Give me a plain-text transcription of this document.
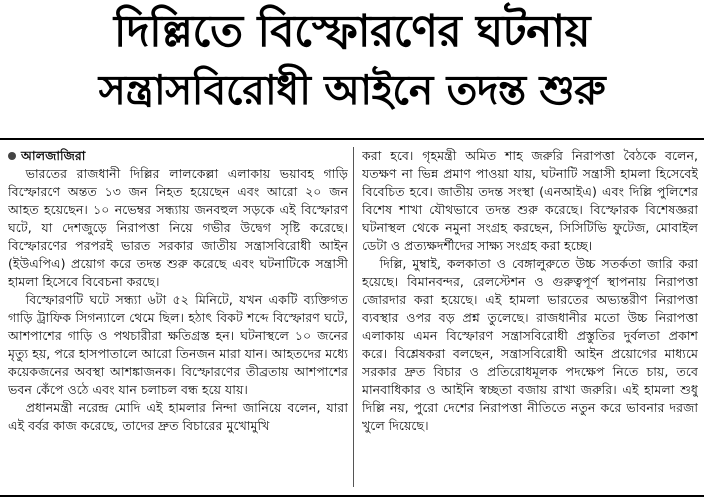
দিল্লিতে বিস্ফোরণের ঘটনায়
সন্ত্রাসবিরোধী আইনে তদন্ত শুরু
আলজাজিরা

ভারতের রাজধানী দিল্লির লালকেল্লা এলাকায় ভয়াবহ গাড়ি বিস্ফোরণে অন্তত ১৩ জন নিহত হয়েছেন এবং আরো ২০ জন আহত হয়েছেন। ১০ নভেম্বর সন্ধ্যায় জনবহুল সড়কে এই বিস্ফোরণ ঘটে, যা দেশজুড়ে নিরাপত্তা নিয়ে গভীর উদ্বেগ সৃষ্টি করেছে। বিস্ফোরণের পরপরই ভারত সরকার জাতীয় সন্ত্রাসবিরোধী আইন (ইউএপিএ) প্রয়োগ করে তদন্ত শুরু করেছে এবং ঘটনাটিকে সন্ত্রাসী হামলা হিসেবে বিবেচনা করছে।

বিস্ফোরণটি ঘটে সন্ধ্যা ৬টা ৫২ মিনিটে, যখন একটি ব্যক্তিগত গাড়ি ট্রাফিক সিগন্যালে থেমে ছিল। হঠাৎ বিকট শব্দে বিস্ফোরণ ঘটে, আশপাশের গাড়ি ও পথচারীরা ক্ষতিগ্রস্ত হন। ঘটনাস্থলে ১০ জনের মৃত্যু হয়, পরে হাসপাতালে আরো তিনজন মারা যান। আহতদের মধ্যে কয়েকজনের অবস্থা আশঙ্কাজনক। বিস্ফোরণের তীব্রতায় আশপাশের ভবন কেঁপে ওঠে এবং যান চলাচল বন্ধ হয়ে যায়।

প্রধানমন্ত্রী নরেন্দ্র মোদি এই হামলার নিন্দা জানিয়ে বলেন, যারা এই বর্বর কাজ করেছে, তাদের দ্রুত বিচারের মুখোমুখি

করা হবে। গৃহমন্ত্রী অমিত শাহ জরুরি নিরাপত্তা বৈঠকে বলেন, যতক্ষণ না ভিন্ন প্রমাণ পাওয়া যায়, ঘটনাটি সন্ত্রাসী হামলা হিসেবেই বিবেচিত হবে। জাতীয় তদন্ত সংস্থা (এনআইএ) এবং দিল্লি পুলিশের বিশেষ শাখা যৌথভাবে তদন্ত শুরু করেছে। বিস্ফোরক বিশেষজ্ঞরা ঘটনাস্থল থেকে নমুনা সংগ্রহ করছেন, সিসিটিভি ফুটেজ, মোবাইল ডেটা ও প্রত্যক্ষদর্শীদের সাক্ষ্য সংগ্রহ করা হচ্ছে।

দিল্লি, মুম্বাই, কলকাতা ও বেঙ্গালুরুতে উচ্চ সতর্কতা জারি করা হয়েছে। বিমানবন্দর, রেলস্টেশন ও গুরুত্বপূর্ণ স্থাপনায় নিরাপত্তা জোরদার করা হয়েছে। এই হামলা ভারতের অভ্যন্তরীণ নিরাপত্তা ব্যবস্থার ওপর বড় প্রশ্ন তুলেছে। রাজধানীর মতো উচ্চ নিরাপত্তা এলাকায় এমন বিস্ফোরণ সন্ত্রাসবিরোধী প্রস্তুতির দুর্বলতা প্রকাশ করে। বিশ্লেষকরা বলছেন, সন্ত্রাসবিরোধী আইন প্রয়োগের মাধ্যমে সরকার দ্রুত বিচার ও প্রতিরোধমূলক পদক্ষেপ নিতে চায়, তবে মানবাধিকার ও আইনি স্বচ্ছতা বজায় রাখা জরুরি। এই হামলা শুধু দিল্লি নয়, পুরো দেশের নিরাপত্তা নীতিতে নতুন করে ভাবনার দরজা খুলে দিয়েছে।
